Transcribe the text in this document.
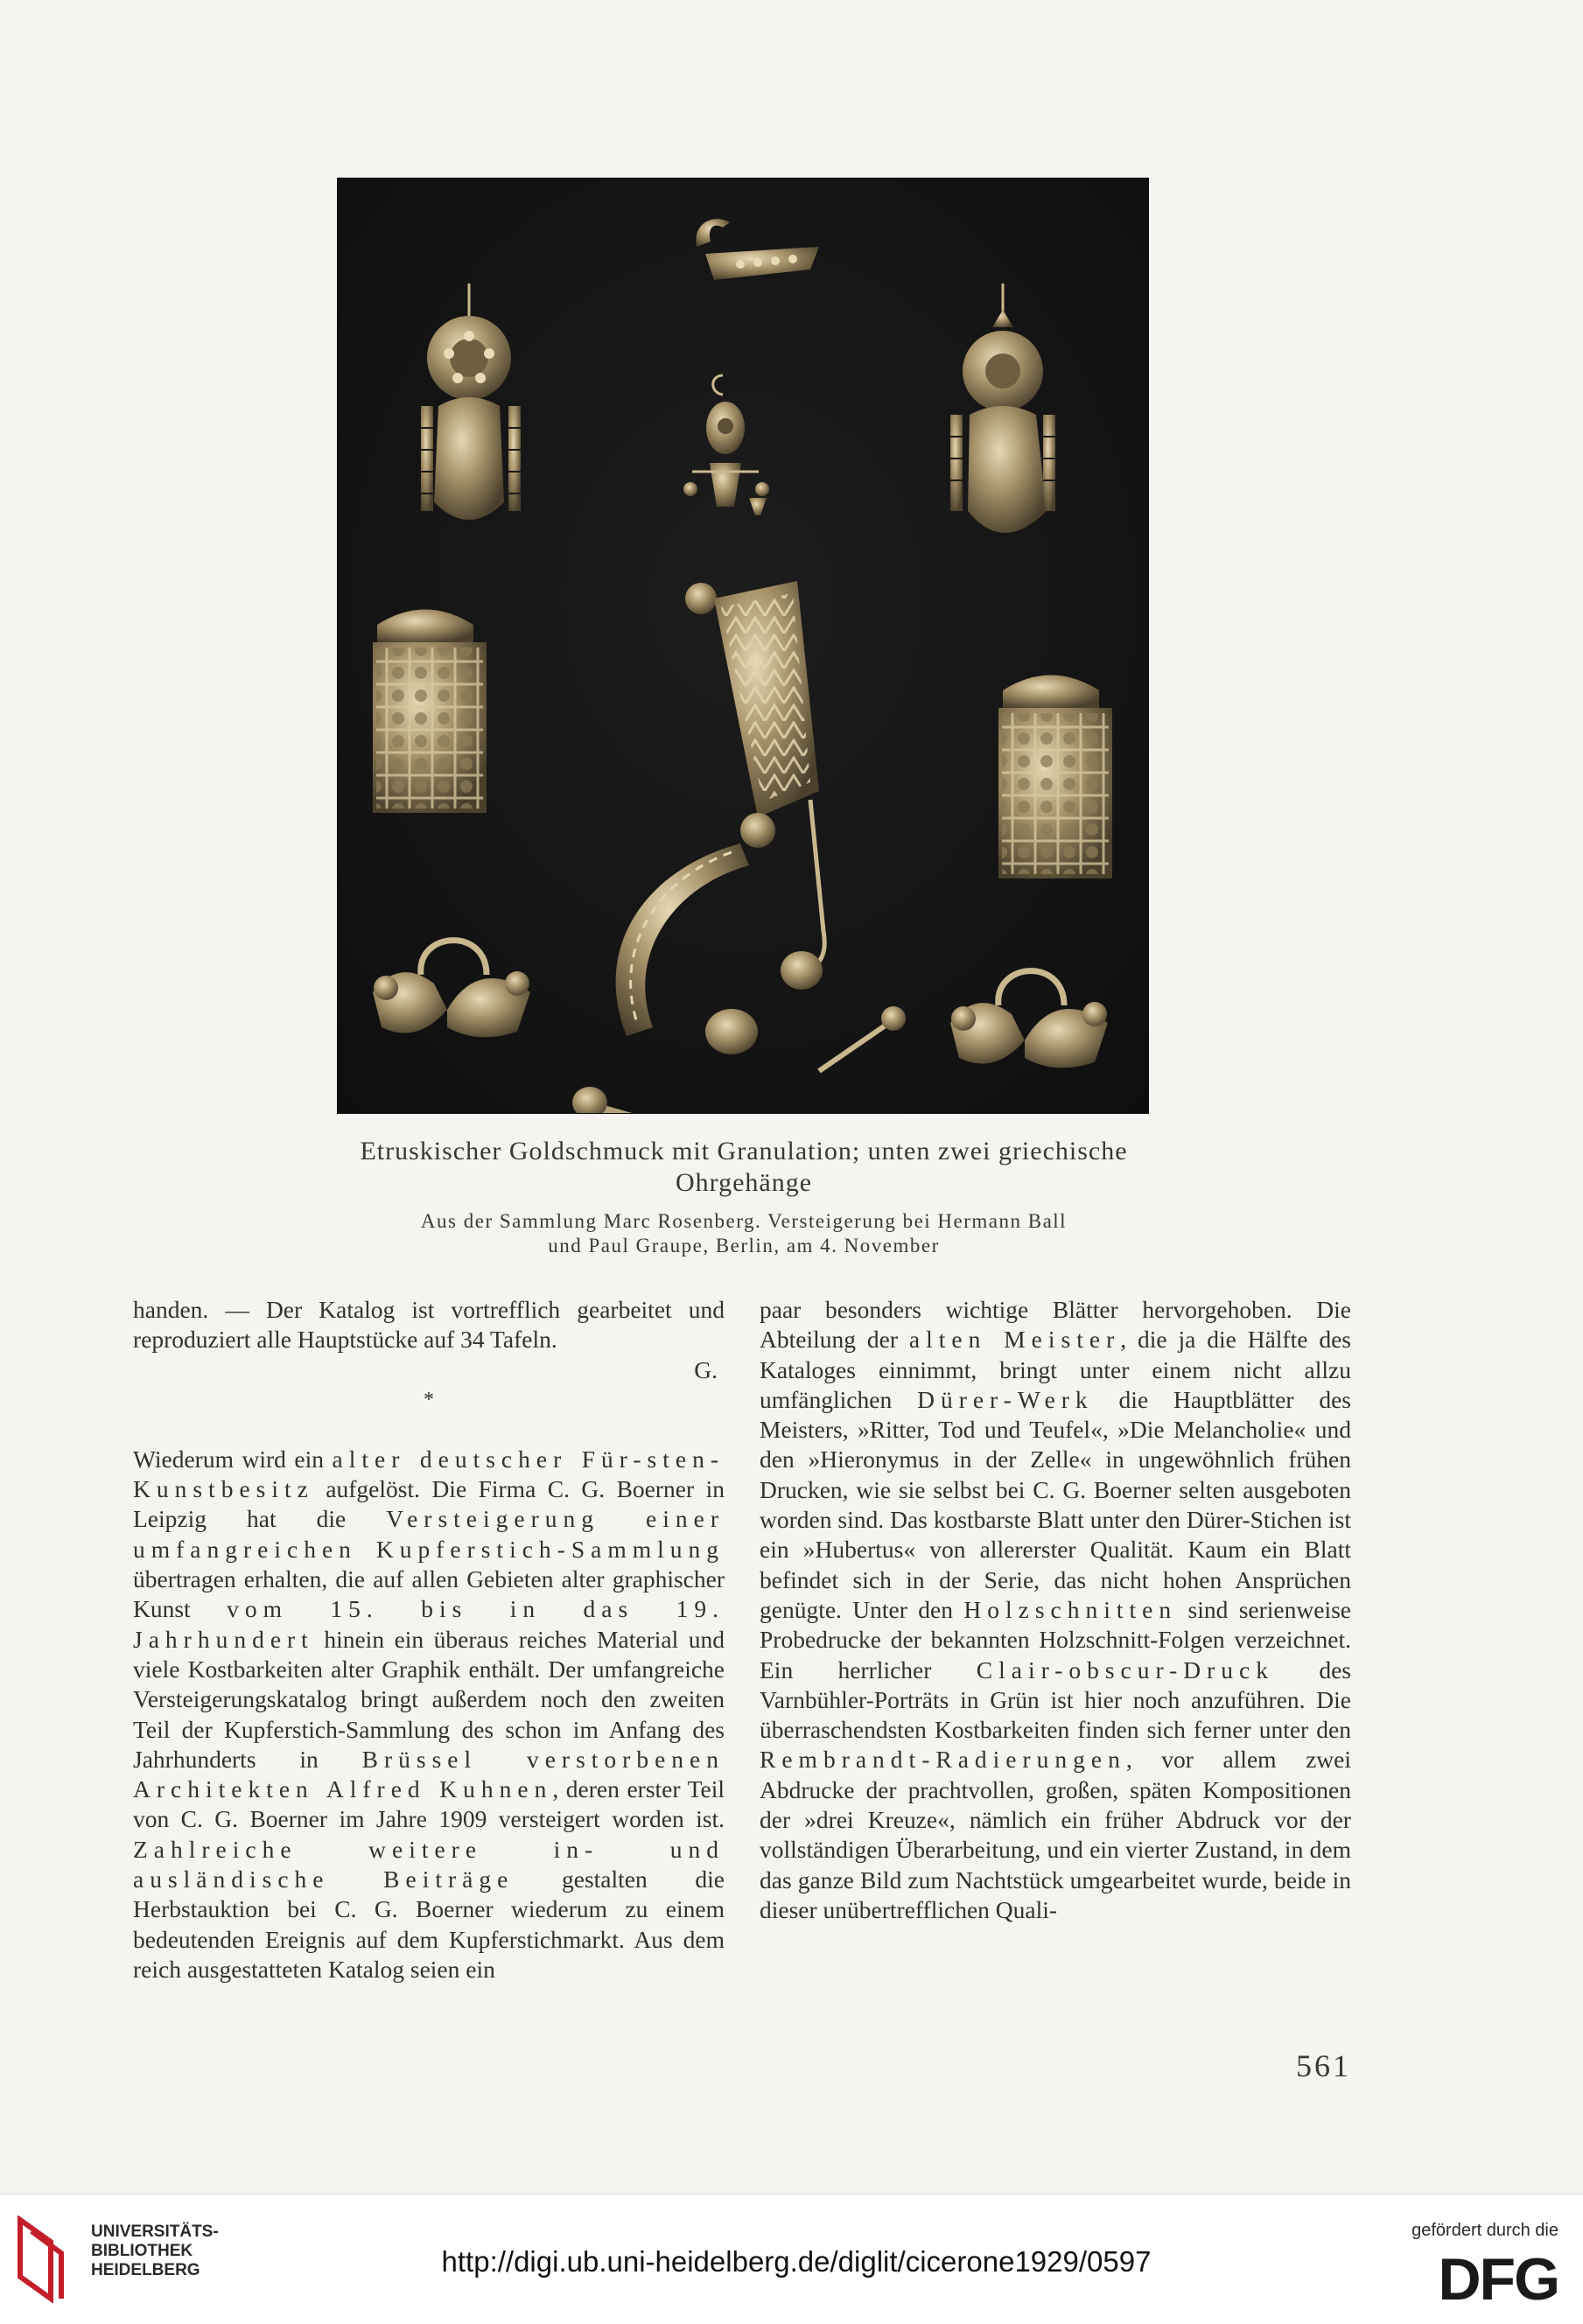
Etruskischer Goldschmuck mit Granulation; unten zwei griechische
Ohrgehänge
Aus der Sammlung Marc Rosenberg. Versteigerung bei Hermann Ball
und Paul Graupe, Berlin, am 4. November

handen. — Der Katalog ist vortrefflich gearbeitet und reproduziert alle Hauptstücke auf 34 Tafeln.

G.

*

Wiederum wird ein alter deutscher Für-sten-Kunstbesitz aufgelöst. Die Firma C. G. Boerner in Leipzig hat die Versteigerung einer umfangreichen Kupferstich-Sammlung übertragen erhalten, die auf allen Gebieten alter graphischer Kunst vom 15. bis in das 19. Jahrhundert hinein ein überaus reiches Material und viele Kostbarkeiten alter Graphik enthält. Der umfangreiche Versteigerungskatalog bringt außerdem noch den zweiten Teil der Kupferstich-Sammlung des schon im Anfang des Jahrhunderts in Brüssel verstorbenen Architekten Alfred Kuhnen, deren erster Teil von C. G. Boerner im Jahre 1909 versteigert worden ist. Zahlreiche weitere in- und ausländische Beiträge gestalten die Herbstauktion bei C. G. Boerner wiederum zu einem bedeutenden Ereignis auf dem Kupferstichmarkt. Aus dem reich ausgestatteten Katalog seien ein

paar besonders wichtige Blätter hervorgehoben. Die Abteilung der alten Meister, die ja die Hälfte des Kataloges einnimmt, bringt unter einem nicht allzu umfänglichen Dürer-Werk die Hauptblätter des Meisters, »Ritter, Tod und Teufel«, »Die Melancholie« und den »Hieronymus in der Zelle« in ungewöhnlich frühen Drucken, wie sie selbst bei C. G. Boerner selten ausgeboten worden sind. Das kostbarste Blatt unter den Dürer-Stichen ist ein »Hubertus« von allererster Qualität. Kaum ein Blatt befindet sich in der Serie, das nicht hohen Ansprüchen genügte. Unter den Holzschnitten sind serienweise Probedrucke der bekannten Holzschnitt-Folgen verzeichnet. Ein herrlicher Clair-obscur-Druck des Varnbühler-Porträts in Grün ist hier noch anzuführen. Die überraschendsten Kostbarkeiten finden sich ferner unter den Rembrandt-Radierungen, vor allem zwei Abdrucke der prachtvollen, großen, späten Kompositionen der »drei Kreuze«, nämlich ein früher Abdruck vor der vollständigen Überarbeitung, und ein vierter Zustand, in dem das ganze Bild zum Nachtstück umgearbeitet wurde, beide in dieser unübertrefflichen Quali-

561
UNIVERSITÄTS-
BIBLIOTHEK
HEIDELBERG	http://digi.ub.uni-heidelberg.de/diglit/cicerone1929/0597
gefördert durch die
DFG
